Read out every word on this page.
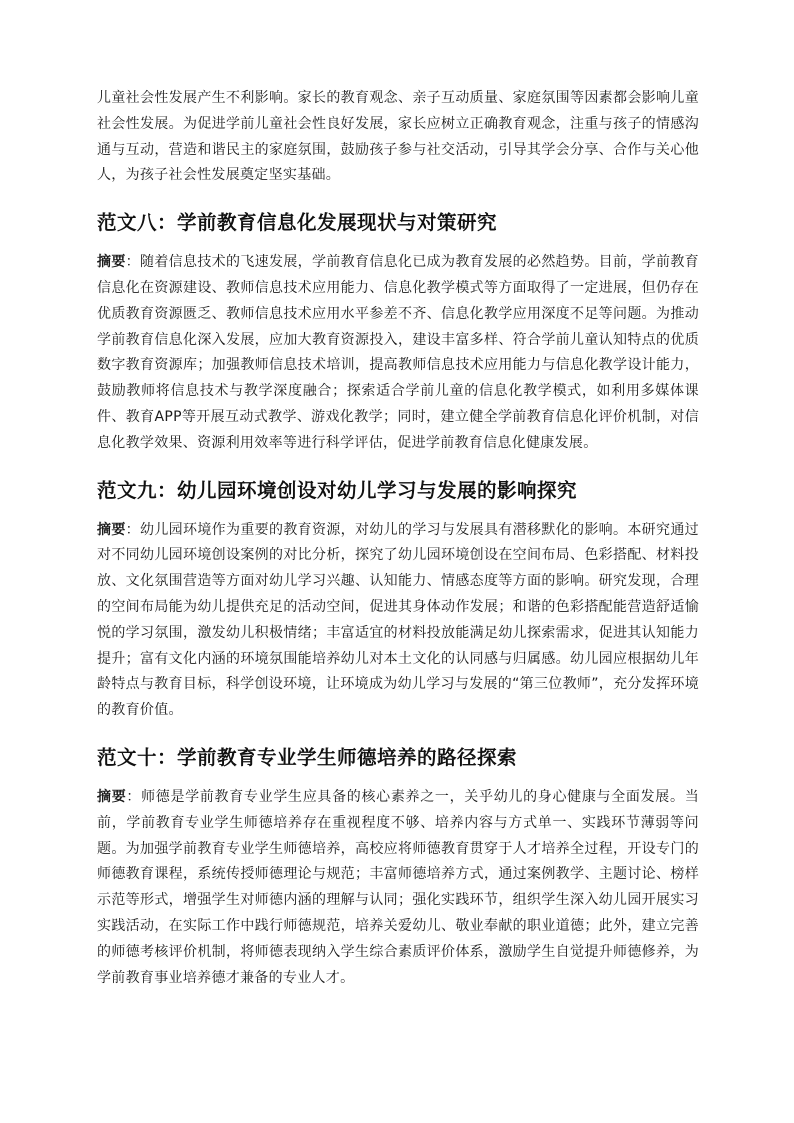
儿童社会性发展产生不利影响。家长的教育观念、亲子互动质量、家庭氛围等因素都会影响儿童社会性发展。为促进学前儿童社会性良好发展，家长应树立正确教育观念，注重与孩子的情感沟通与互动，营造和谐民主的家庭氛围，鼓励孩子参与社交活动，引导其学会分享、合作与关心他人，为孩子社会性发展奠定坚实基础。

范文八：学前教育信息化发展现状与对策研究

摘要：随着信息技术的飞速发展，学前教育信息化已成为教育发展的必然趋势。目前，学前教育信息化在资源建设、教师信息技术应用能力、信息化教学模式等方面取得了一定进展，但仍存在优质教育资源匮乏、教师信息技术应用水平参差不齐、信息化教学应用深度不足等问题。为推动学前教育信息化深入发展，应加大教育资源投入，建设丰富多样、符合学前儿童认知特点的优质数字教育资源库；加强教师信息技术培训，提高教师信息技术应用能力与信息化教学设计能力，鼓励教师将信息技术与教学深度融合；探索适合学前儿童的信息化教学模式，如利用多媒体课件、教育APP等开展互动式教学、游戏化教学；同时，建立健全学前教育信息化评价机制，对信息化教学效果、资源利用效率等进行科学评估，促进学前教育信息化健康发展。

范文九：幼儿园环境创设对幼儿学习与发展的影响探究

摘要：幼儿园环境作为重要的教育资源，对幼儿的学习与发展具有潜移默化的影响。本研究通过对不同幼儿园环境创设案例的对比分析，探究了幼儿园环境创设在空间布局、色彩搭配、材料投放、文化氛围营造等方面对幼儿学习兴趣、认知能力、情感态度等方面的影响。研究发现，合理的空间布局能为幼儿提供充足的活动空间，促进其身体动作发展；和谐的色彩搭配能营造舒适愉悦的学习氛围，激发幼儿积极情绪；丰富适宜的材料投放能满足幼儿探索需求，促进其认知能力提升；富有文化内涵的环境氛围能培养幼儿对本土文化的认同感与归属感。幼儿园应根据幼儿年龄特点与教育目标，科学创设环境，让环境成为幼儿学习与发展的“第三位教师”，充分发挥环境的教育价值。

范文十：学前教育专业学生师德培养的路径探索

摘要：师德是学前教育专业学生应具备的核心素养之一，关乎幼儿的身心健康与全面发展。当前，学前教育专业学生师德培养存在重视程度不够、培养内容与方式单一、实践环节薄弱等问题。为加强学前教育专业学生师德培养，高校应将师德教育贯穿于人才培养全过程，开设专门的师德教育课程，系统传授师德理论与规范；丰富师德培养方式，通过案例教学、主题讨论、榜样示范等形式，增强学生对师德内涵的理解与认同；强化实践环节，组织学生深入幼儿园开展实习实践活动，在实际工作中践行师德规范，培养关爱幼儿、敬业奉献的职业道德；此外，建立完善的师德考核评价机制，将师德表现纳入学生综合素质评价体系，激励学生自觉提升师德修养，为学前教育事业培养德才兼备的专业人才。
